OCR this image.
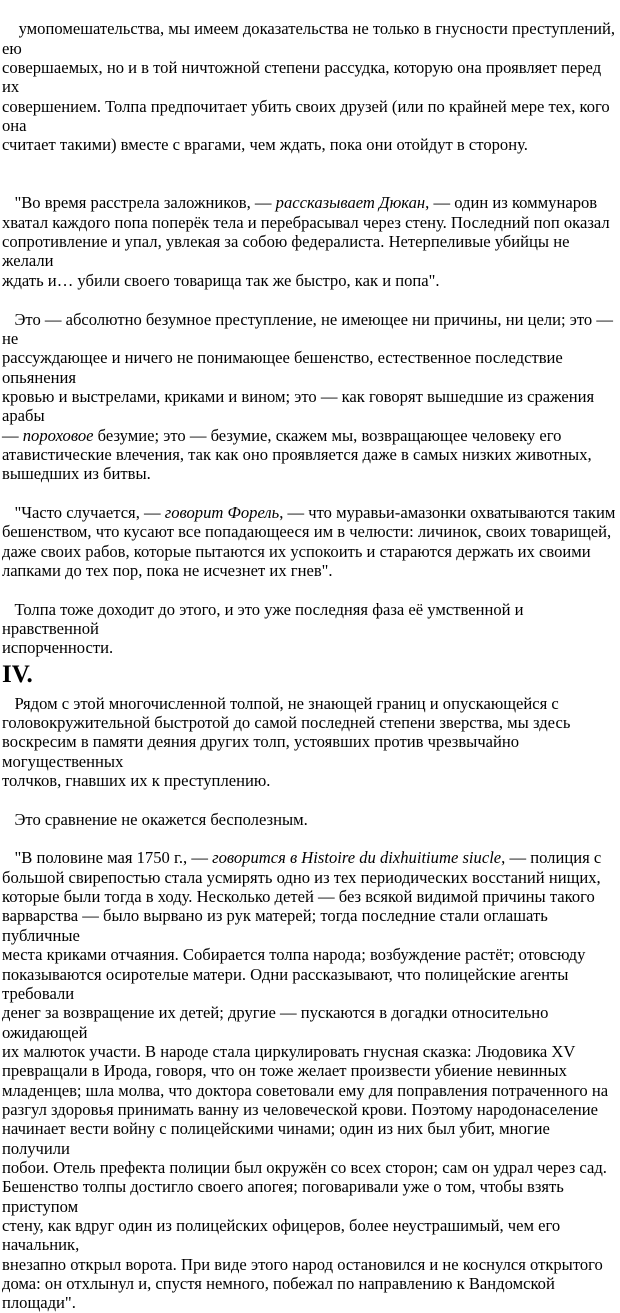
умопомешательства, мы имеем доказательства не только в гнусности преступлений, ею
совершаемых, но и в той ничтожной степени рассудка, которую она проявляет перед их
совершением. Толпа предпочитает убить своих друзей (или по крайней мере тех, кого она
считает такими) вместе с врагами, чем ждать, пока они отойдут в сторону.

"Во время расстрела заложников, — рассказывает Дюкан, — один из коммунаров
хватал каждого попа поперёк тела и перебрасывал через стену. Последний поп оказал
сопротивление и упал, увлекая за собою федералиста. Нетерпеливые убийцы не желали
ждать и… убили своего товарища так же быстро, как и попа".

Это — абсолютно безумное преступление, не имеющее ни причины, ни цели; это — не
рассуждающее и ничего не понимающее бешенство, естественное последствие опьянения
кровью и выстрелами, криками и вином; это — как говорят вышедшие из сражения арабы
— пороховое безумие; это — безумие, скажем мы, возвращающее человеку его
атавистические влечения, так как оно проявляется даже в самых низких животных,
вышедших из битвы.

"Часто случается, — говорит Форель, — что муравьи-амазонки охватываются таким
бешенством, что кусают все попадающееся им в челюсти: личинок, своих товарищей,
даже своих рабов, которые пытаются их успокоить и стараются держать их своими
лапками до тех пор, пока не исчезнет их гнев".

Толпа тоже доходит до этого, и это уже последняя фаза её умственной и нравственной
испорченности.

IV.

Рядом с этой многочисленной толпой, не знающей границ и опускающейся с
головокружительной быстротой до самой последней степени зверства, мы здесь
воскресим в памяти деяния других толп, устоявших против чрезвычайно могущественных
толчков, гнавших их к преступлению.

Это сравнение не окажется бесполезным.

"В половине мая 1750 г., — говорится в Histoire du dixhuitiume siucle, — полиция с
большой свирепостью стала усмирять одно из тех периодических восстаний нищих,
которые были тогда в ходу. Несколько детей — без всякой видимой причины такого
варварства — было вырвано из рук матерей; тогда последние стали оглашать публичные
места криками отчаяния. Собирается толпа народа; возбуждение растёт; отовсюду
показываются осиротелые матери. Одни рассказывают, что полицейские агенты требовали
денег за возвращение их детей; другие — пускаются в догадки относительно ожидающей
их малюток участи. В народе стала циркулировать гнусная сказка: Людовика XV
превращали в Ирода, говоря, что он тоже желает произвести убиение невинных
младенцев; шла молва, что доктора советовали ему для поправления потраченного на
разгул здоровья принимать ванну из человеческой крови. Поэтому народонаселение
начинает вести войну с полицейскими чинами; один из них был убит, многие получили
побои. Отель префекта полиции был окружён со всех сторон; сам он удрал через сад.
Бешенство толпы достигло своего апогея; поговаривали уже о том, чтобы взять приступом
стену, как вдруг один из полицейских офицеров, более неустрашимый, чем его начальник,
внезапно открыл ворота. При виде этого народ остановился и не коснулся открытого
дома: он отхлынул и, спустя немного, побежал по направлению к Вандомской площади".
